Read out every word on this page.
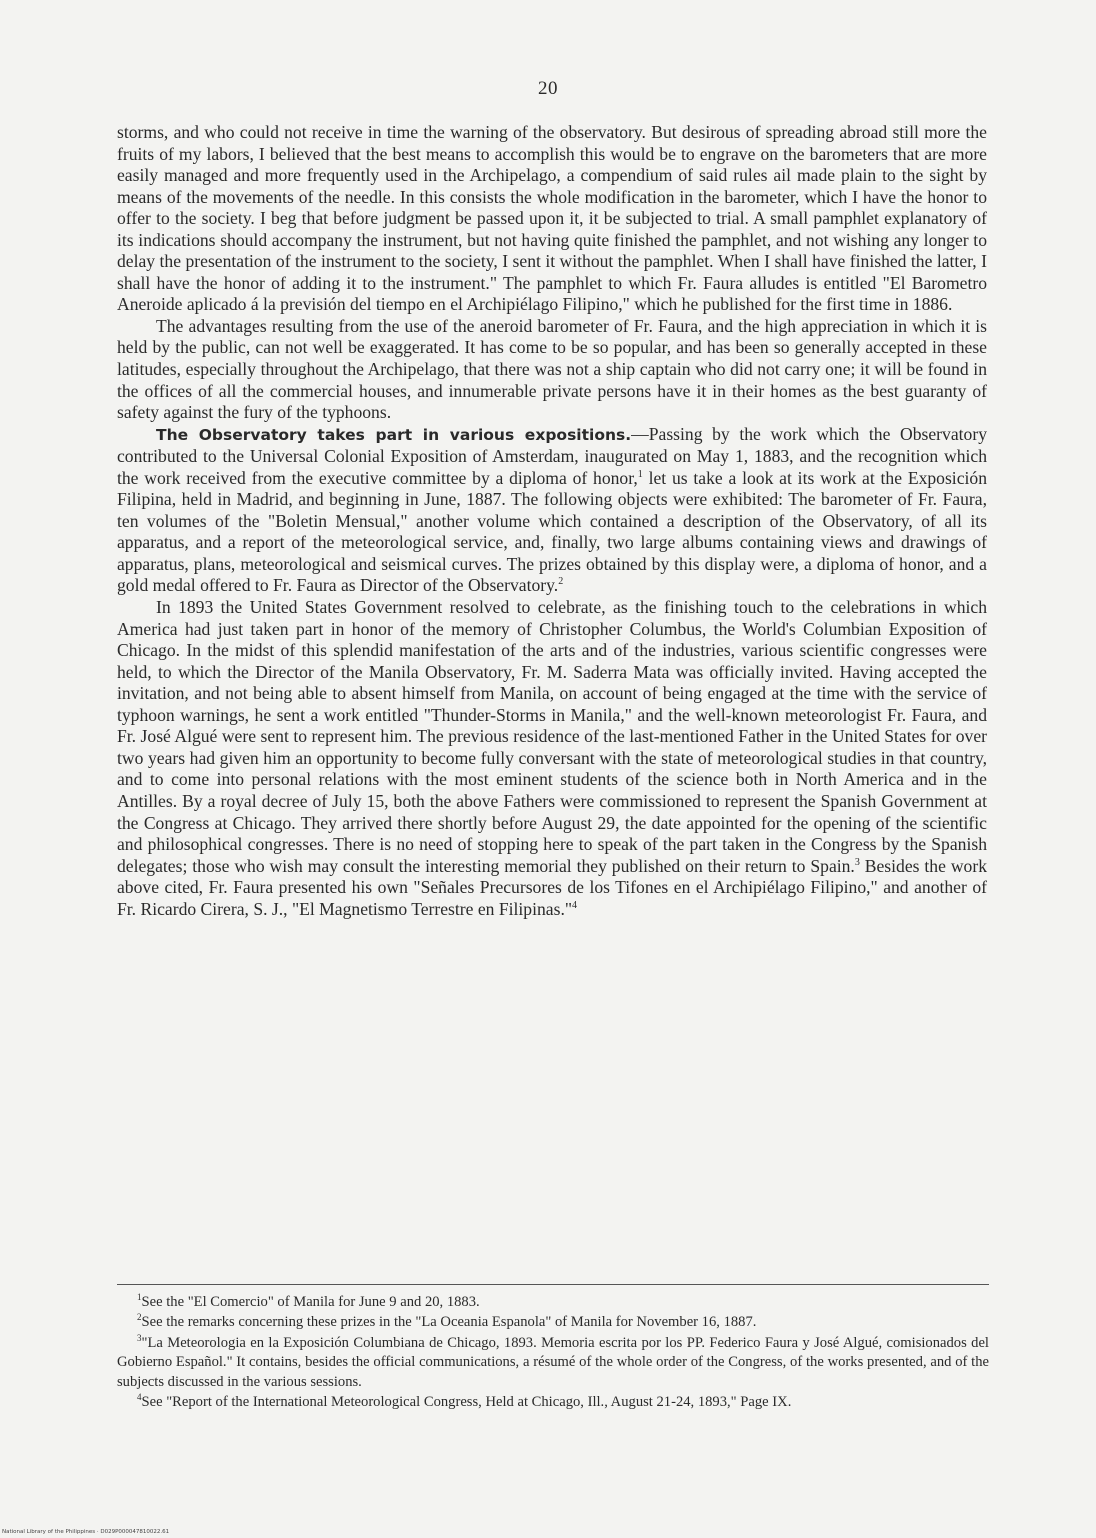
20

storms, and who could not receive in time the warning of the observatory. But desirous of spreading abroad still more the fruits of my labors, I believed that the best means to accomplish this would be to engrave on the barometers that are more easily managed and more frequently used in the Archipelago, a compendium of said rules ail made plain to the sight by means of the movements of the needle. In this consists the whole modification in the barometer, which I have the honor to offer to the society. I beg that before judgment be passed upon it, it be subjected to trial. A small pamphlet explanatory of its indications should accompany the instrument, but not having quite finished the pamphlet, and not wishing any longer to delay the presentation of the instrument to the society, I sent it without the pamphlet. When I shall have finished the latter, I shall have the honor of adding it to the instrument." The pamphlet to which Fr. Faura alludes is entitled "El Barometro Aneroide aplicado á la previsión del tiempo en el Archipiélago Filipino," which he published for the first time in 1886.

The advantages resulting from the use of the aneroid barometer of Fr. Faura, and the high appreciation in which it is held by the public, can not well be exaggerated. It has come to be so popular, and has been so generally accepted in these latitudes, especially throughout the Archipelago, that there was not a ship captain who did not carry one; it will be found in the offices of all the commercial houses, and innumerable private persons have it in their homes as the best guaranty of safety against the fury of the typhoons.

The Observatory takes part in various expositions.—Passing by the work which the Observatory contributed to the Universal Colonial Exposition of Amsterdam, inaugurated on May 1, 1883, and the recognition which the work received from the executive committee by a diploma of honor,$^1$ let us take a look at its work at the Exposición Filipina, held in Madrid, and beginning in June, 1887. The following objects were exhibited: The barometer of Fr. Faura, ten volumes of the "Boletin Mensual," another volume which contained a description of the Observatory, of all its apparatus, and a report of the meteorological service, and, finally, two large albums containing views and drawings of apparatus, plans, meteorological and seismical curves. The prizes obtained by this display were, a diploma of honor, and a gold medal offered to Fr. Faura as Director of the Observatory.$^2$

In 1893 the United States Government resolved to celebrate, as the finishing touch to the celebrations in which America had just taken part in honor of the memory of Christopher Columbus, the World's Columbian Exposition of Chicago. In the midst of this splendid manifestation of the arts and of the industries, various scientific congresses were held, to which the Director of the Manila Observatory, Fr. M. Saderra Mata was officially invited. Having accepted the invitation, and not being able to absent himself from Manila, on account of being engaged at the time with the service of typhoon warnings, he sent a work entitled "Thunder-Storms in Manila," and the well-known meteorologist Fr. Faura, and Fr. José Algué were sent to represent him. The previous residence of the last-mentioned Father in the United States for over two years had given him an opportunity to become fully conversant with the state of meteorological studies in that country, and to come into personal relations with the most eminent students of the science both in North America and in the Antilles. By a royal decree of July 15, both the above Fathers were commissioned to represent the Spanish Government at the Congress at Chicago. They arrived there shortly before August 29, the date appointed for the opening of the scientific and philosophical congresses. There is no need of stopping here to speak of the part taken in the Congress by the Spanish delegates; those who wish may consult the interesting memorial they published on their return to Spain.$^3$ Besides the work above cited, Fr. Faura presented his own "Señales Precursores de los Tifones en el Archipiélago Filipino," and another of Fr. Ricardo Cirera, S. J., "El Magnetismo Terrestre en Filipinas."$^4$

$^1$See the "El Comercio" of Manila for June 9 and 20, 1883.

$^2$See the remarks concerning these prizes in the "La Oceania Espanola" of Manila for November 16, 1887.

$^3$"La Meteorologia en la Exposición Columbiana de Chicago, 1893. Memoria escrita por los PP. Federico Faura y José Algué, comisionados del Gobierno Español." It contains, besides the official communications, a résumé of the whole order of the Congress, of the works presented, and of the subjects discussed in the various sessions.

$^4$See "Report of the International Meteorological Congress, Held at Chicago, Ill., August 21-24, 1893," Page IX.

National Library of the Philippines · D029P000047810022.61
